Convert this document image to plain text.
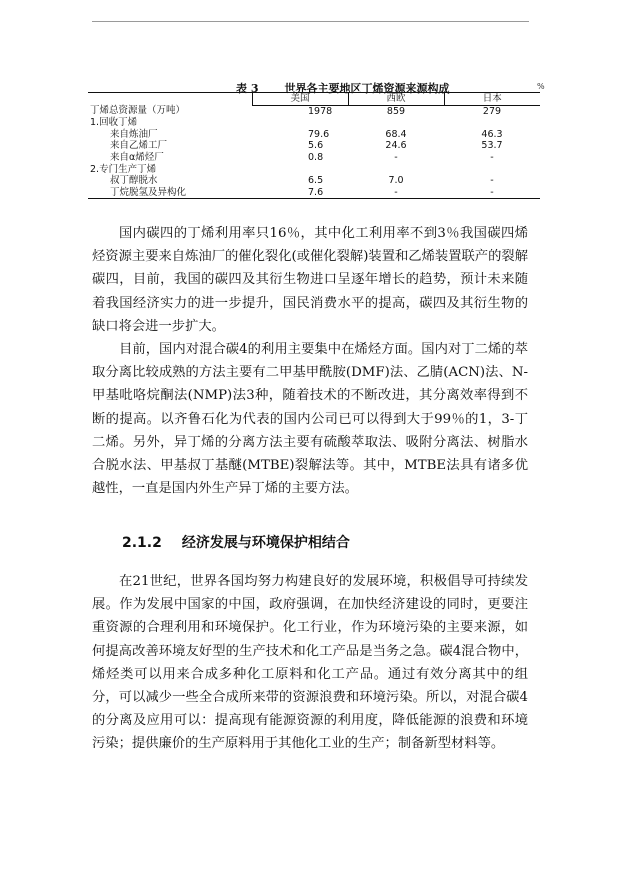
表 3 世界各主要地区丁烯资源来源构成	%
	美国	西欧	日本
丁烯总资源量（万吨）	1978	859	279
1.回收丁烯			
来自炼油厂	79.6	68.4	46.3
来自乙烯工厂	5.6	24.6	53.7
来自α烯烃厂	0.8	-	-
2.专门生产丁烯			
叔丁醇脱水	6.5	7.0	-
丁烷脱氢及异构化	7.6	-	-

国内碳四的丁烯利用率只16％，其中化工利用率不到3％我国碳四烯烃资源主要来自炼油厂的催化裂化(或催化裂解)装置和乙烯装置联产的裂解碳四，目前，我国的碳四及其衍生物进口呈逐年增长的趋势，预计未来随着我国经济实力的进一步提升，国民消费水平的提高，碳四及其衍生物的缺口将会进一步扩大。

目前，国内对混合碳4的利用主要集中在烯烃方面。国内对丁二烯的萃取分离比较成熟的方法主要有二甲基甲酰胺(DMF)法、乙腈(ACN)法、N-甲基吡咯烷酮法(NMP)法3种，随着技术的不断改进，其分离效率得到不断的提高。以齐鲁石化为代表的国内公司已可以得到大于99％的1，3-丁二烯。另外，异丁烯的分离方法主要有硫酸萃取法、吸附分离法、树脂水合脱水法、甲基叔丁基醚(MTBE)裂解法等。其中，MTBE法具有诸多优越性，一直是国内外生产异丁烯的主要方法。

2.1.2 经济发展与环境保护相结合

在21世纪，世界各国均努力构建良好的发展环境，积极倡导可持续发展。作为发展中国家的中国，政府强调，在加快经济建设的同时，更要注重资源的合理利用和环境保护。化工行业，作为环境污染的主要来源，如何提高改善环境友好型的生产技术和化工产品是当务之急。碳4混合物中，烯烃类可以用来合成多种化工原料和化工产品。通过有效分离其中的组分，可以减少一些全合成所来带的资源浪费和环境污染。所以，对混合碳4的分离及应用可以：提高现有能源资源的利用度，降低能源的浪费和环境污染；提供廉价的生产原料用于其他化工业的生产；制备新型材料等。
